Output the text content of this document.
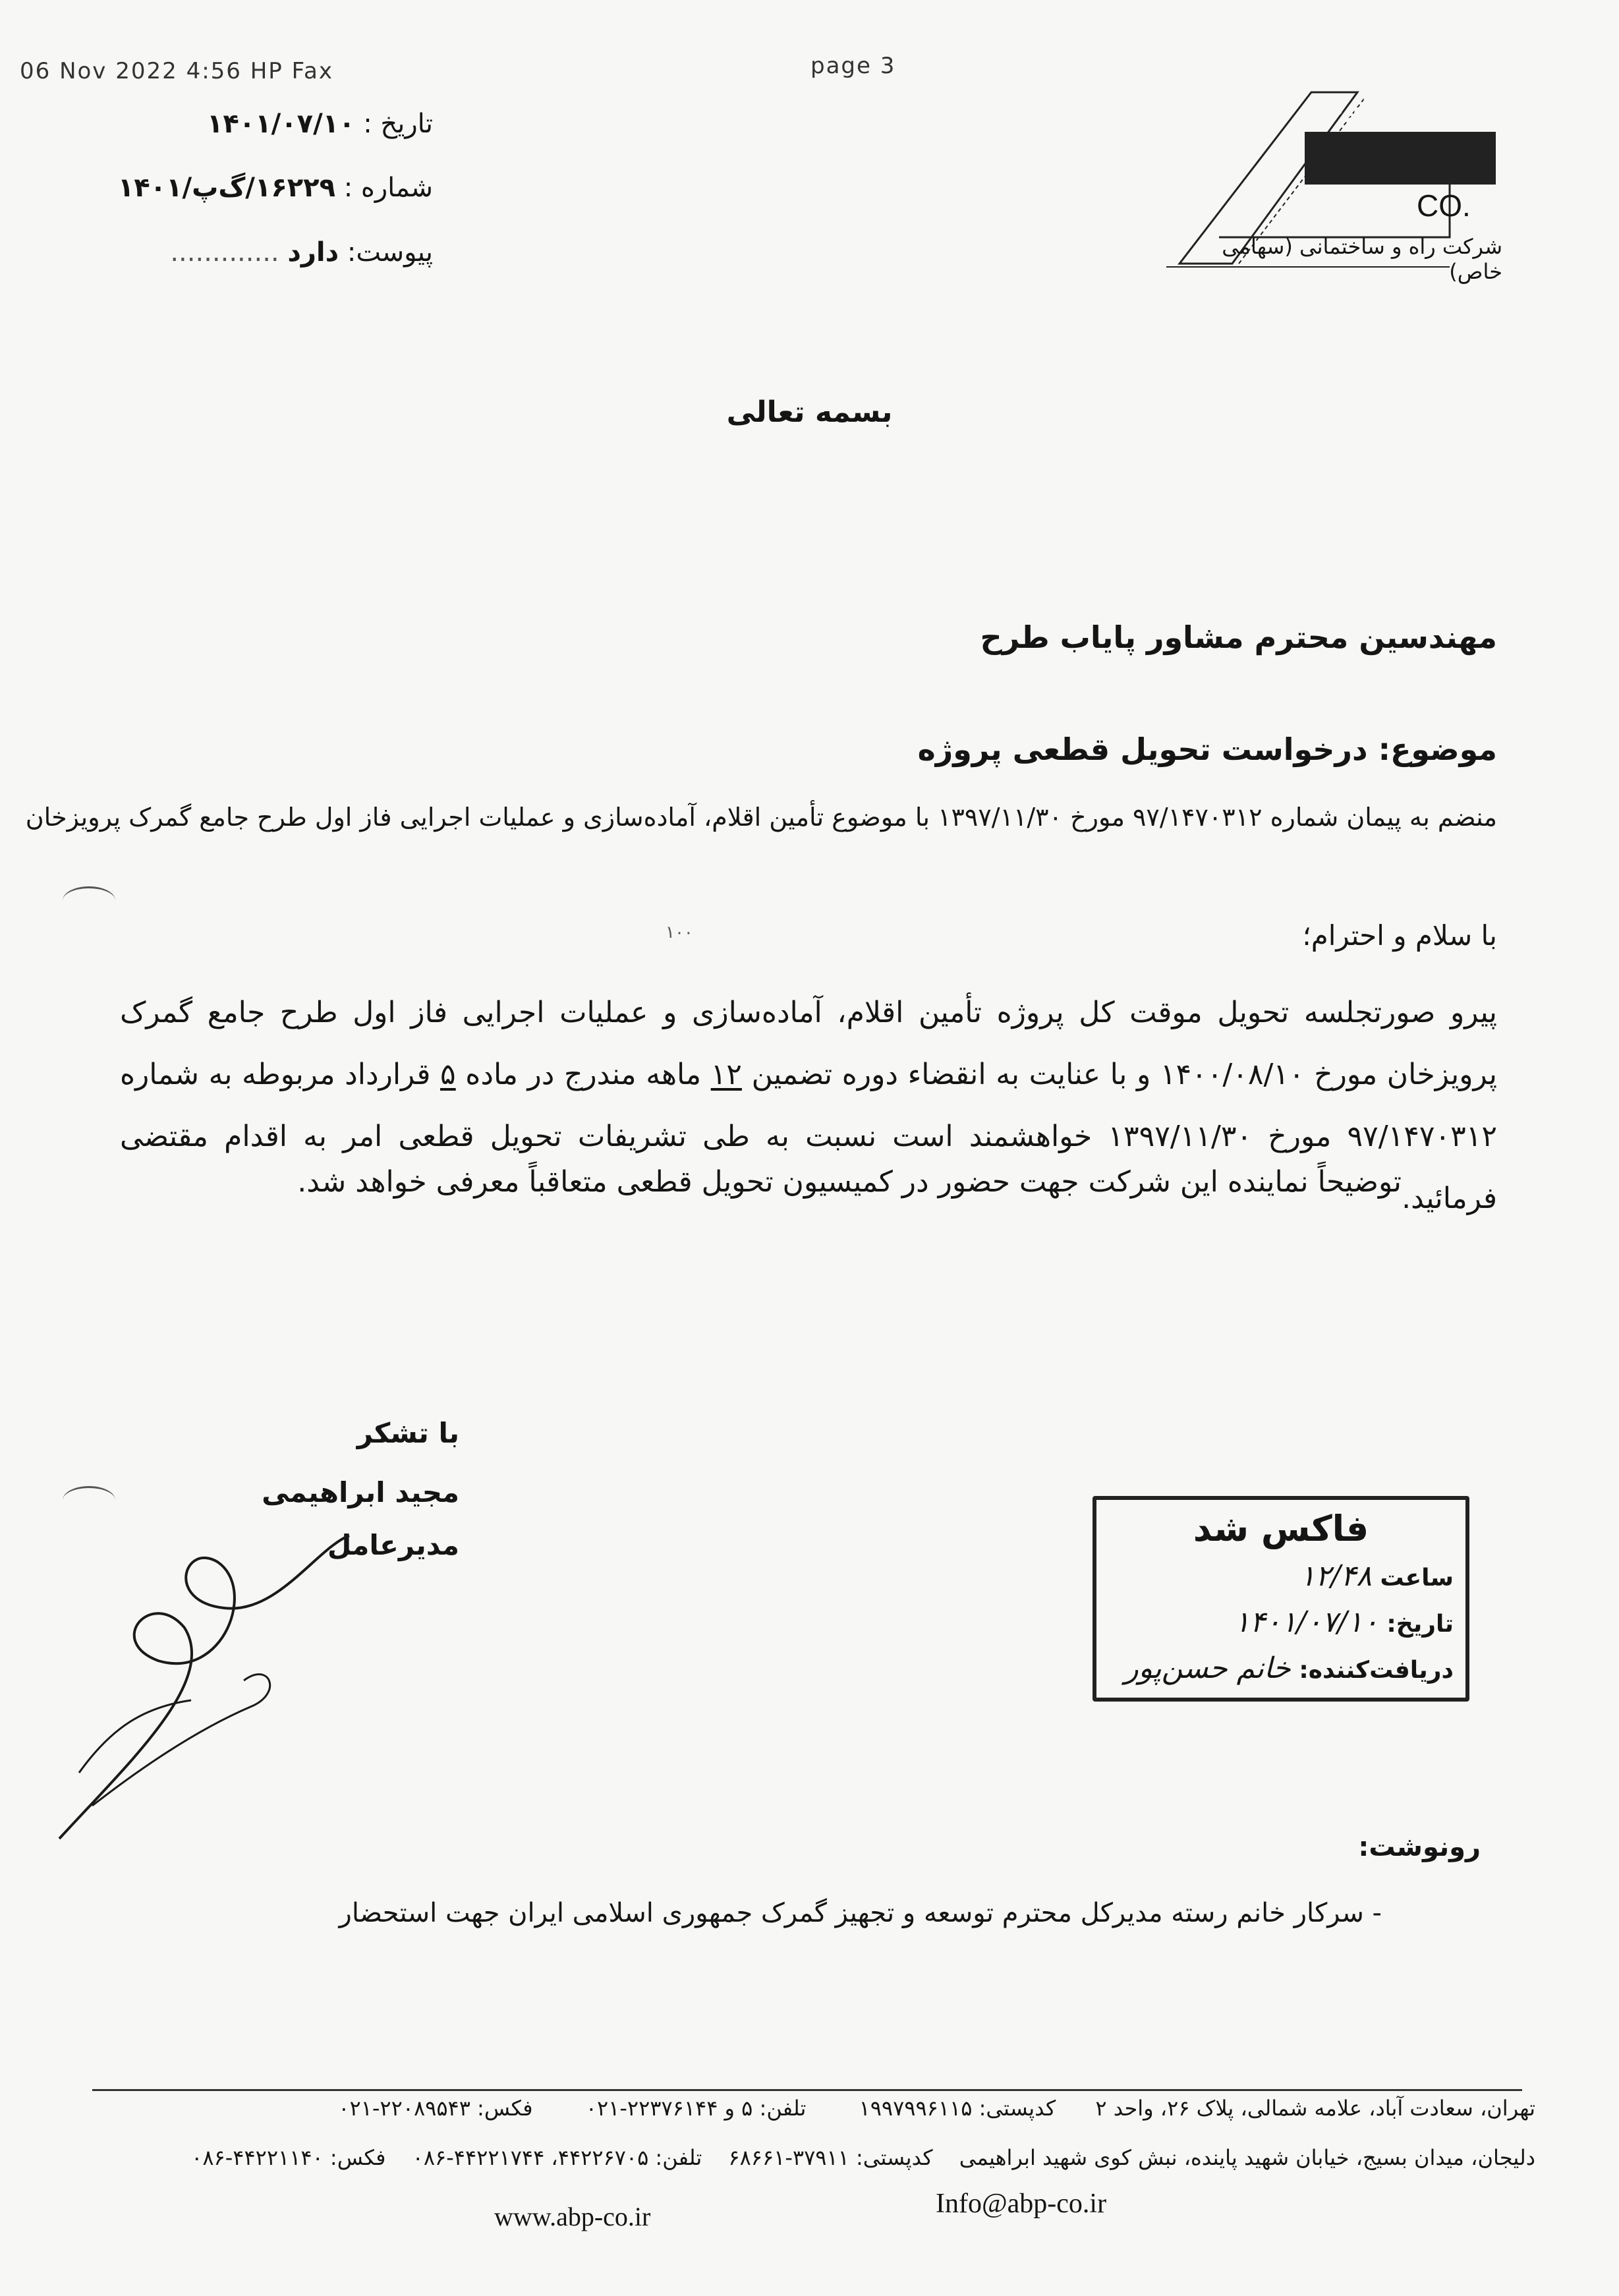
06 Nov 2022 4:56 HP Fax	page 3
تاریخ : ۱۴۰۱/۰۷/۱۰
شماره : ۱۶۲۲۹/گ‌پ/۱۴۰۱
پیوست: دارد .............
آبادبوم پارس
CO.
شرکت راه و ساختمانی (سهامی خاص)
بسمه تعالی
مهندسین محترم مشاور پایاب طرح
موضوع: درخواست تحویل قطعی پروژه
منضم به پیمان شماره ۹۷/۱۴۷۰۳۱۲ مورخ ۱۳۹۷/۱۱/۳۰ با موضوع تأمین اقلام، آماده‌سازی و عملیات اجرایی فاز اول طرح جامع گمرک پرویزخان
۱۰۰	با سلام و احترام؛
پیرو صورتجلسه تحویل موقت کل پروژه تأمین اقلام، آماده‌سازی و عملیات اجرایی فاز اول طرح جامع گمرک پرویزخان مورخ ۱۴۰۰/۰۸/۱۰ و با عنایت به انقضاء دوره تضمین ۱۲ ماهه مندرج در ماده ۵ قرارداد مربوطه به شماره ۹۷/۱۴۷۰۳۱۲ مورخ ۱۳۹۷/۱۱/۳۰ خواهشمند است نسبت به طی تشریفات تحویل قطعی امر به اقدام مقتضی فرمائید.
توضیحاً نماینده این شرکت جهت حضور در کمیسیون تحویل قطعی متعاقباً معرفی خواهد شد.
با تشکر
مجید ابراهیمی
مدیرعامل	فاکس شد
ساعت ۱۲/۴۸
تاریخ: ۱۴۰۱/۰۷/۱۰
دریافت‌کننده: خانم حسن‌پور
رونوشت:
- سرکار خانم رسته مدیرکل محترم توسعه و تجهیز گمرک جمهوری اسلامی ایران جهت استحضار
تهران، سعادت آباد، علامه شمالی، پلاک ۲۶، واحد ۲ کدپستی: ۱۹۹۷۹۹۶۱۱۵ تلفن: ۵ و ۲۲۳۷۶۱۴۴-۰۲۱ فکس: ۲۲۰۸۹۵۴۳-۰۲۱
دلیجان، میدان بسیج، خیابان شهید پاینده، نبش کوی شهید ابراهیمی کدپستی: ۳۷۹۱۱-۶۸۶۶۱ تلفن: ۴۴۲۲۶۷۰۵، ۴۴۲۲۱۷۴۴-۰۸۶ فکس: ۴۴۲۲۱۱۴۰-۰۸۶
www.abp-co.ir	Info@abp-co.ir
